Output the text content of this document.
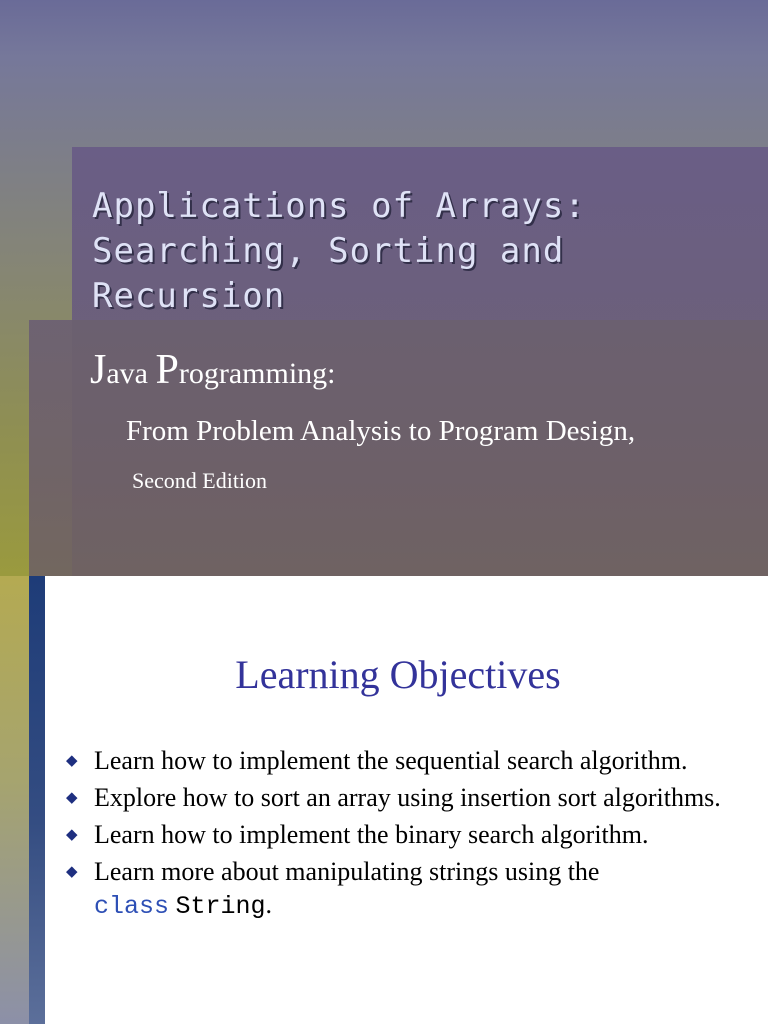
Applications of Arrays:
Searching, Sorting and
Recursion

Java Programming:

From Problem Analysis to Program Design,

Second Edition

Learning Objectives
◆ Learn how to implement the sequential search algorithm.
◆ Explore how to sort an array using insertion sort algorithms.
◆ Learn how to implement the binary search algorithm.
◆ Learn more about manipulating strings using the
class String.
